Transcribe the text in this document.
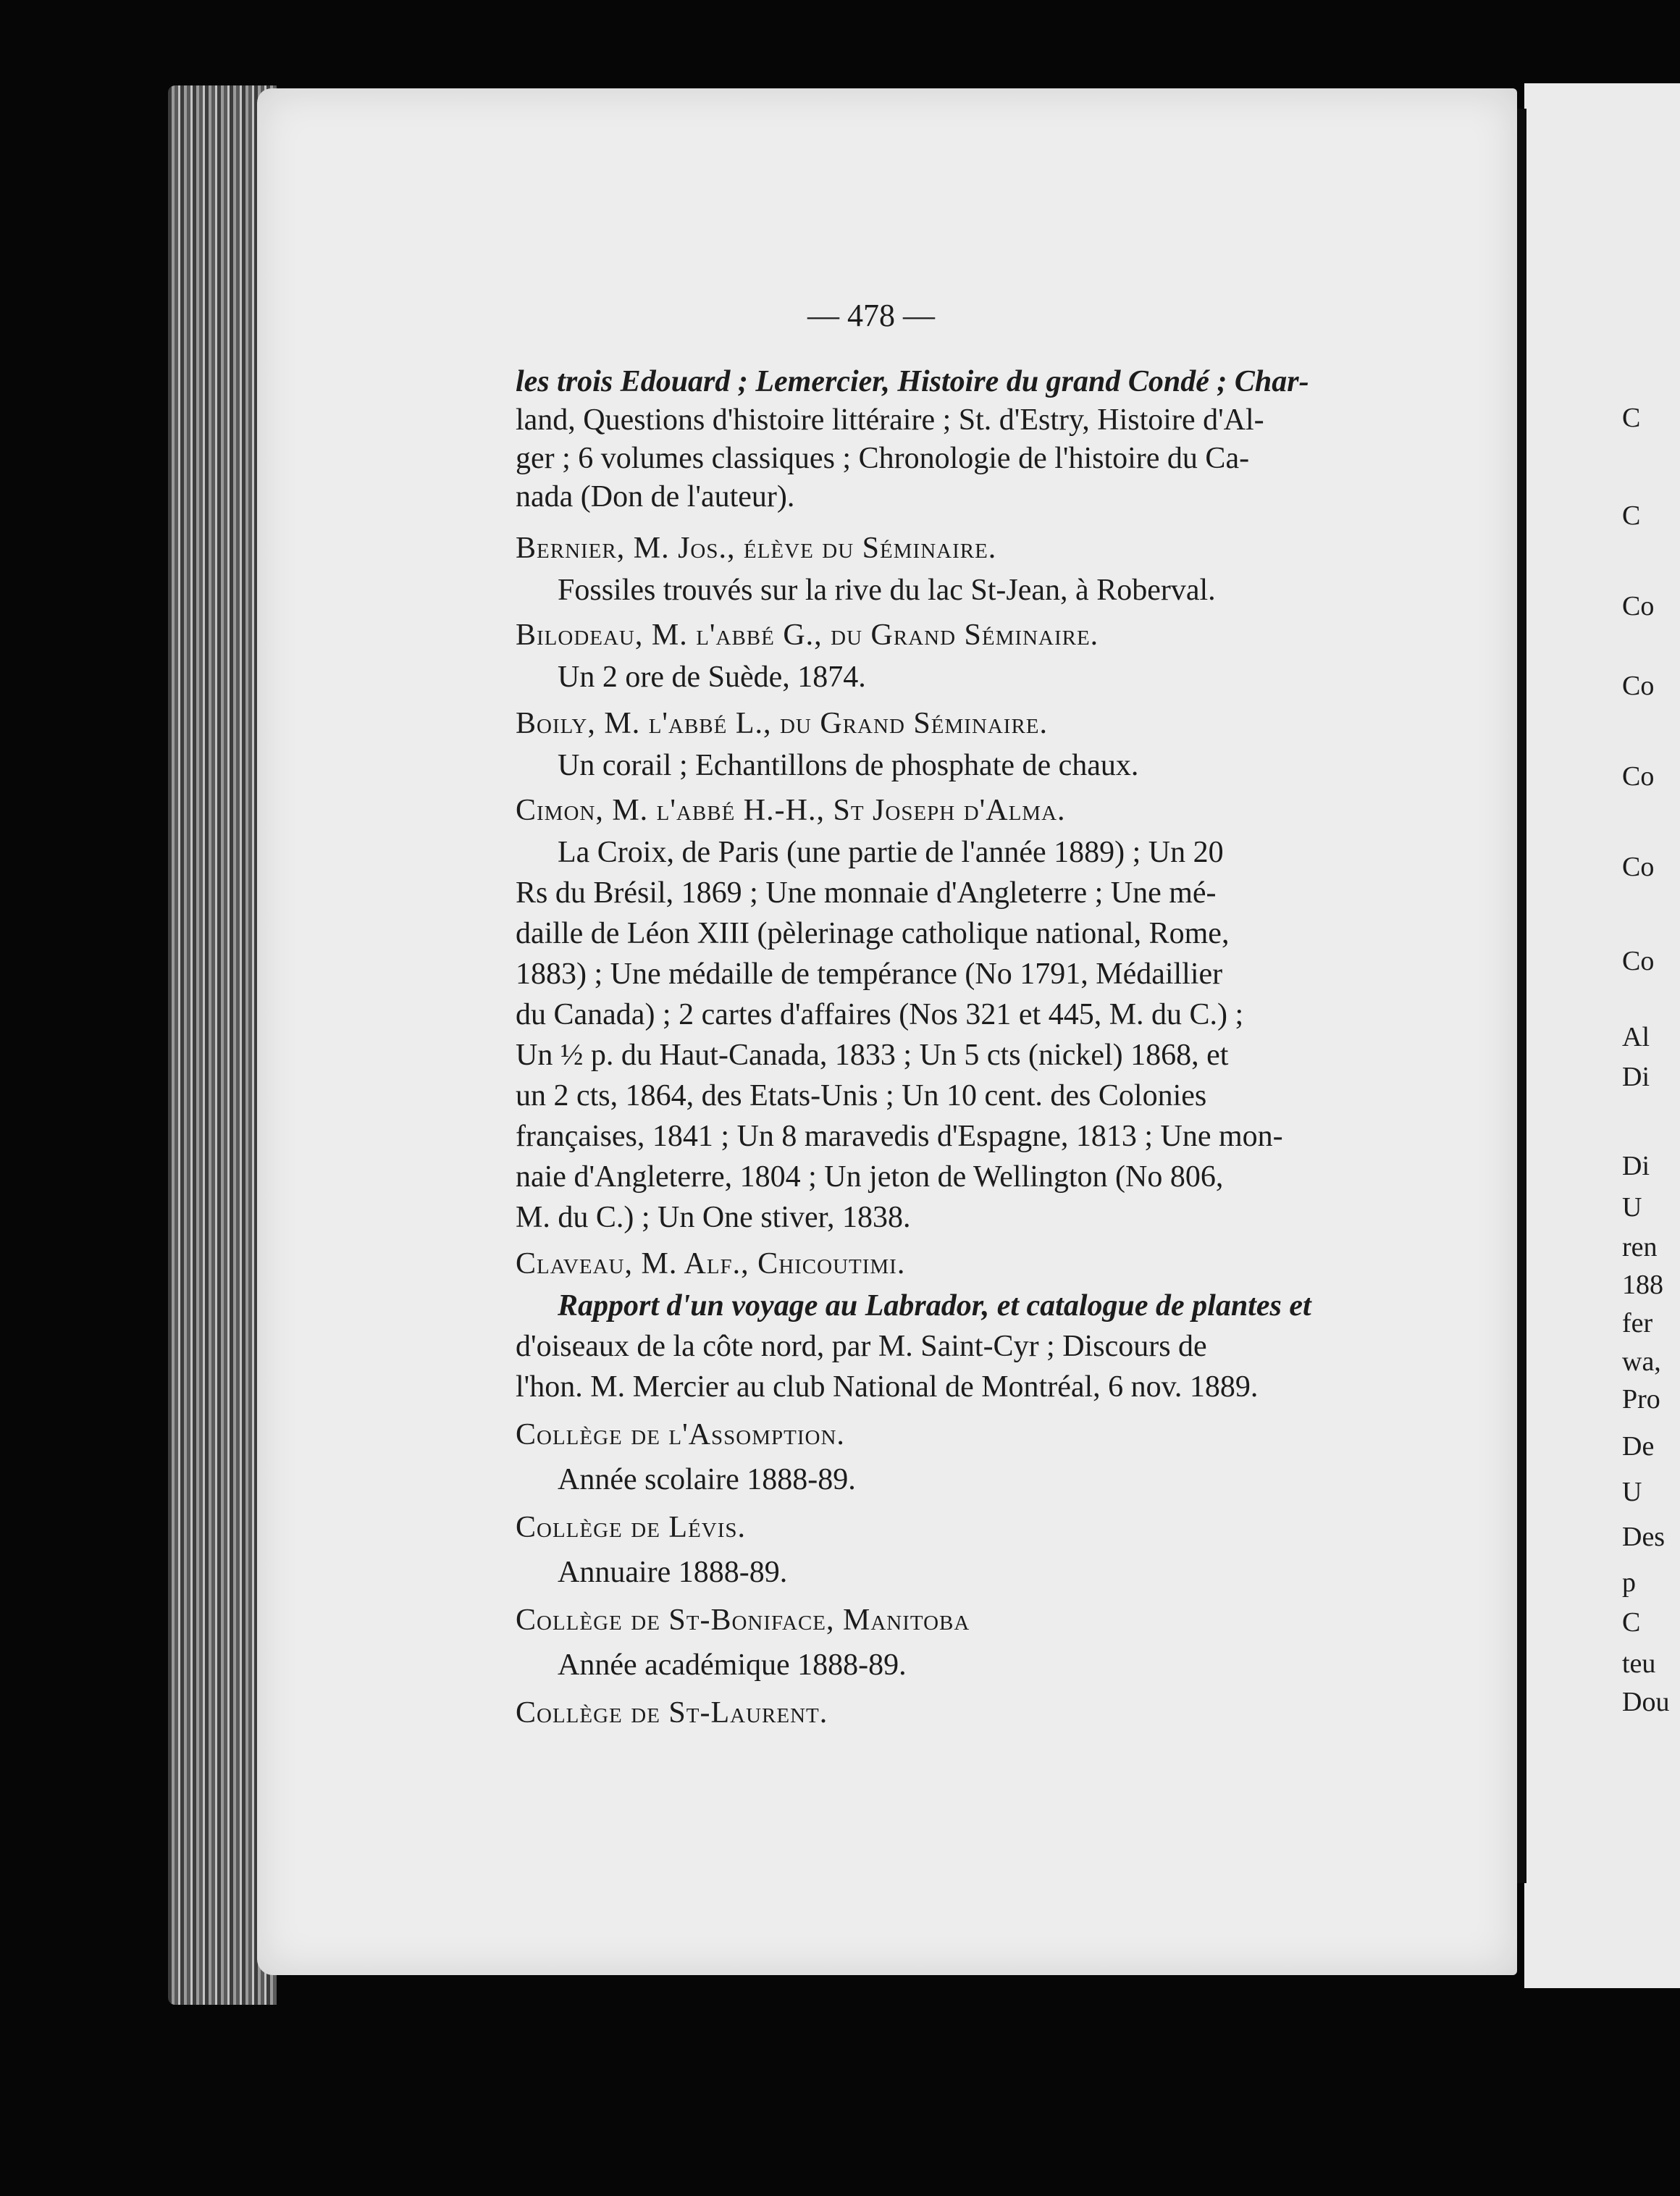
— 478 —
les trois Edouard ; Lemercier, Histoire du grand Condé ; Char-
land, Questions d'histoire littéraire ; St. d'Estry, Histoire d'Al-
ger ; 6 volumes classiques ; Chronologie de l'histoire du Ca-
nada (Don de l'auteur).
Bernier, M. Jos., élève du Séminaire.
Fossiles trouvés sur la rive du lac St-Jean, à Roberval.
Bilodeau, M. l'abbé G., du Grand Séminaire.
Un 2 ore de Suède, 1874.
Boily, M. l'abbé L., du Grand Séminaire.
Un corail ; Echantillons de phosphate de chaux.
Cimon, M. l'abbé H.-H., St Joseph d'Alma.
La Croix, de Paris (une partie de l'année 1889) ; Un 20
Rs du Brésil, 1869 ; Une monnaie d'Angleterre ; Une mé-
daille de Léon XIII (pèlerinage catholique national, Rome,
1883) ; Une médaille de tempérance (No 1791, Médaillier
du Canada) ; 2 cartes d'affaires (Nos 321 et 445, M. du C.) ;
Un ½ p. du Haut-Canada, 1833 ; Un 5 cts (nickel) 1868, et
un 2 cts, 1864, des Etats-Unis ; Un 10 cent. des Colonies
françaises, 1841 ; Un 8 maravedis d'Espagne, 1813 ; Une mon-
naie d'Angleterre, 1804 ; Un jeton de Wellington (No 806,
M. du C.) ; Un One stiver, 1838.
Claveau, M. Alf., Chicoutimi.
Rapport d'un voyage au Labrador, et catalogue de plantes et
d'oiseaux de la côte nord, par M. Saint-Cyr ; Discours de
l'hon. M. Mercier au club National de Montréal, 6 nov. 1889.
Collège de l'Assomption.
Année scolaire 1888-89.
Collège de Lévis.
Annuaire 1888-89.
Collège de St-Boniface, Manitoba
Année académique 1888-89.
Collège de St-Laurent.
C
C
Co
Co
Co
Co
Co
Al
Di
Di
U
ren
188
fer
wa,
Pro
De
U
Des
p
C
teu
Dou
